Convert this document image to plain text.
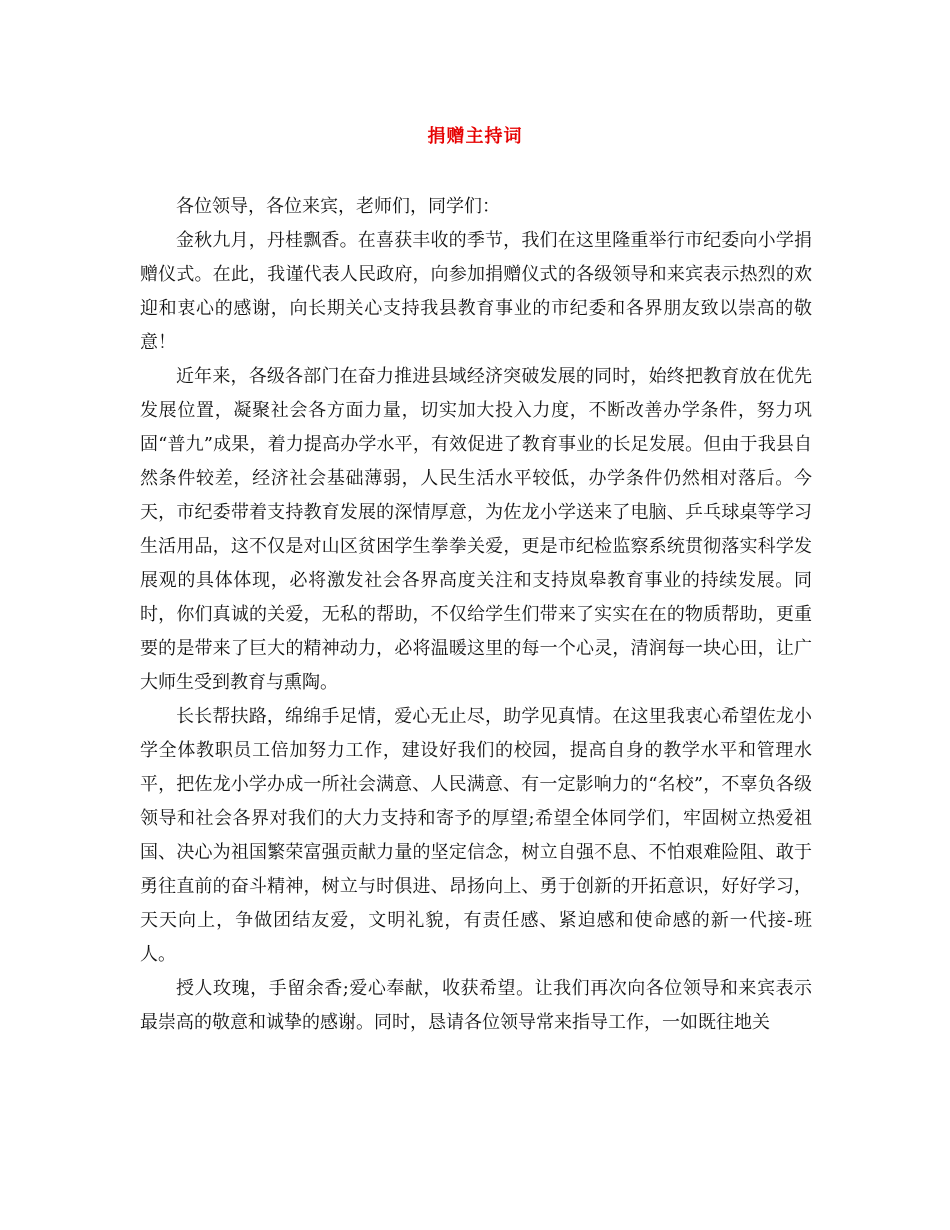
捐赠主持词

各位领导，各位来宾，老师们，同学们：

金秋九月，丹桂飘香。在喜获丰收的季节，我们在这里隆重举行市纪委向小学捐赠仪式。在此，我谨代表人民政府，向参加捐赠仪式的各级领导和来宾表示热烈的欢迎和衷心的感谢，向长期关心支持我县教育事业的市纪委和各界朋友致以崇高的敬意！

近年来，各级各部门在奋力推进县域经济突破发展的同时，始终把教育放在优先发展位置，凝聚社会各方面力量，切实加大投入力度，不断改善办学条件，努力巩固“普九”成果，着力提高办学水平，有效促进了教育事业的长足发展。但由于我县自然条件较差，经济社会基础薄弱，人民生活水平较低，办学条件仍然相对落后。今天，市纪委带着支持教育发展的深情厚意，为佐龙小学送来了电脑、乒乓球桌等学习生活用品，这不仅是对山区贫困学生拳拳关爱，更是市纪检监察系统贯彻落实科学发展观的具体体现，必将激发社会各界高度关注和支持岚皋教育事业的持续发展。同时，你们真诚的关爱，无私的帮助，不仅给学生们带来了实实在在的物质帮助，更重要的是带来了巨大的精神动力，必将温暖这里的每一个心灵，清润每一块心田，让广大师生受到教育与熏陶。

长长帮扶路，绵绵手足情，爱心无止尽，助学见真情。在这里我衷心希望佐龙小学全体教职员工倍加努力工作，建设好我们的校园，提高自身的教学水平和管理水平，把佐龙小学办成一所社会满意、人民满意、有一定影响力的“名校”，不辜负各级领导和社会各界对我们的大力支持和寄予的厚望;希望全体同学们，牢固树立热爱祖国、决心为祖国繁荣富强贡献力量的坚定信念，树立自强不息、不怕艰难险阻、敢于勇往直前的奋斗精神，树立与时俱进、昂扬向上、勇于创新的开拓意识，好好学习，天天向上，争做团结友爱，文明礼貌，有责任感、紧迫感和使命感的新一代接-班人。

授人玫瑰，手留余香;爱心奉献，收获希望。让我们再次向各位领导和来宾表示最崇高的敬意和诚挚的感谢。同时，恳请各位领导常来指导工作，一如既往地关
